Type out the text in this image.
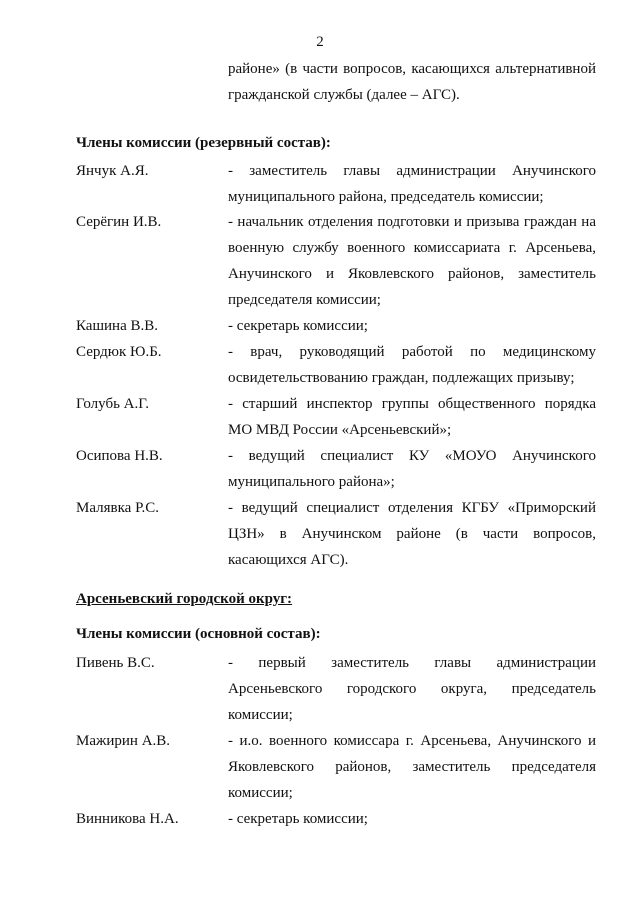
2
районе» (в части вопросов, касающихся альтернативной гражданской службы (далее – АГС).
Члены комиссии (резервный состав):
Янчук А.Я.	- заместитель главы администрации Анучинского муниципального района, председатель комиссии;
Серёгин И.В.	- начальник отделения подготовки и призыва граждан на военную службу военного комиссариата г. Арсеньева, Анучинского и Яковлевского районов, заместитель председателя комиссии;
Кашина В.В.	- секретарь комиссии;
Сердюк Ю.Б.	- врач, руководящий работой по медицинскому освидетельствованию граждан, подлежащих призыву;
Голубь А.Г.	- старший инспектор группы общественного порядка МО МВД России «Арсеньевский»;
Осипова Н.В.	- ведущий специалист КУ «МОУО Анучинского муниципального района»;
Малявка Р.С.	- ведущий специалист отделения КГБУ «Приморский ЦЗН» в Анучинском районе (в части вопросов, касающихся АГС).
Арсеньевский городской округ:
Члены комиссии (основной состав):
Пивень В.С.	- первый заместитель главы администрации Арсеньевского городского округа, председатель комиссии;
Мажирин А.В.	- и.о. военного комиссара г. Арсеньева, Анучинского и Яковлевского районов, заместитель председателя комиссии;
Винникова Н.А.	- секретарь комиссии;
